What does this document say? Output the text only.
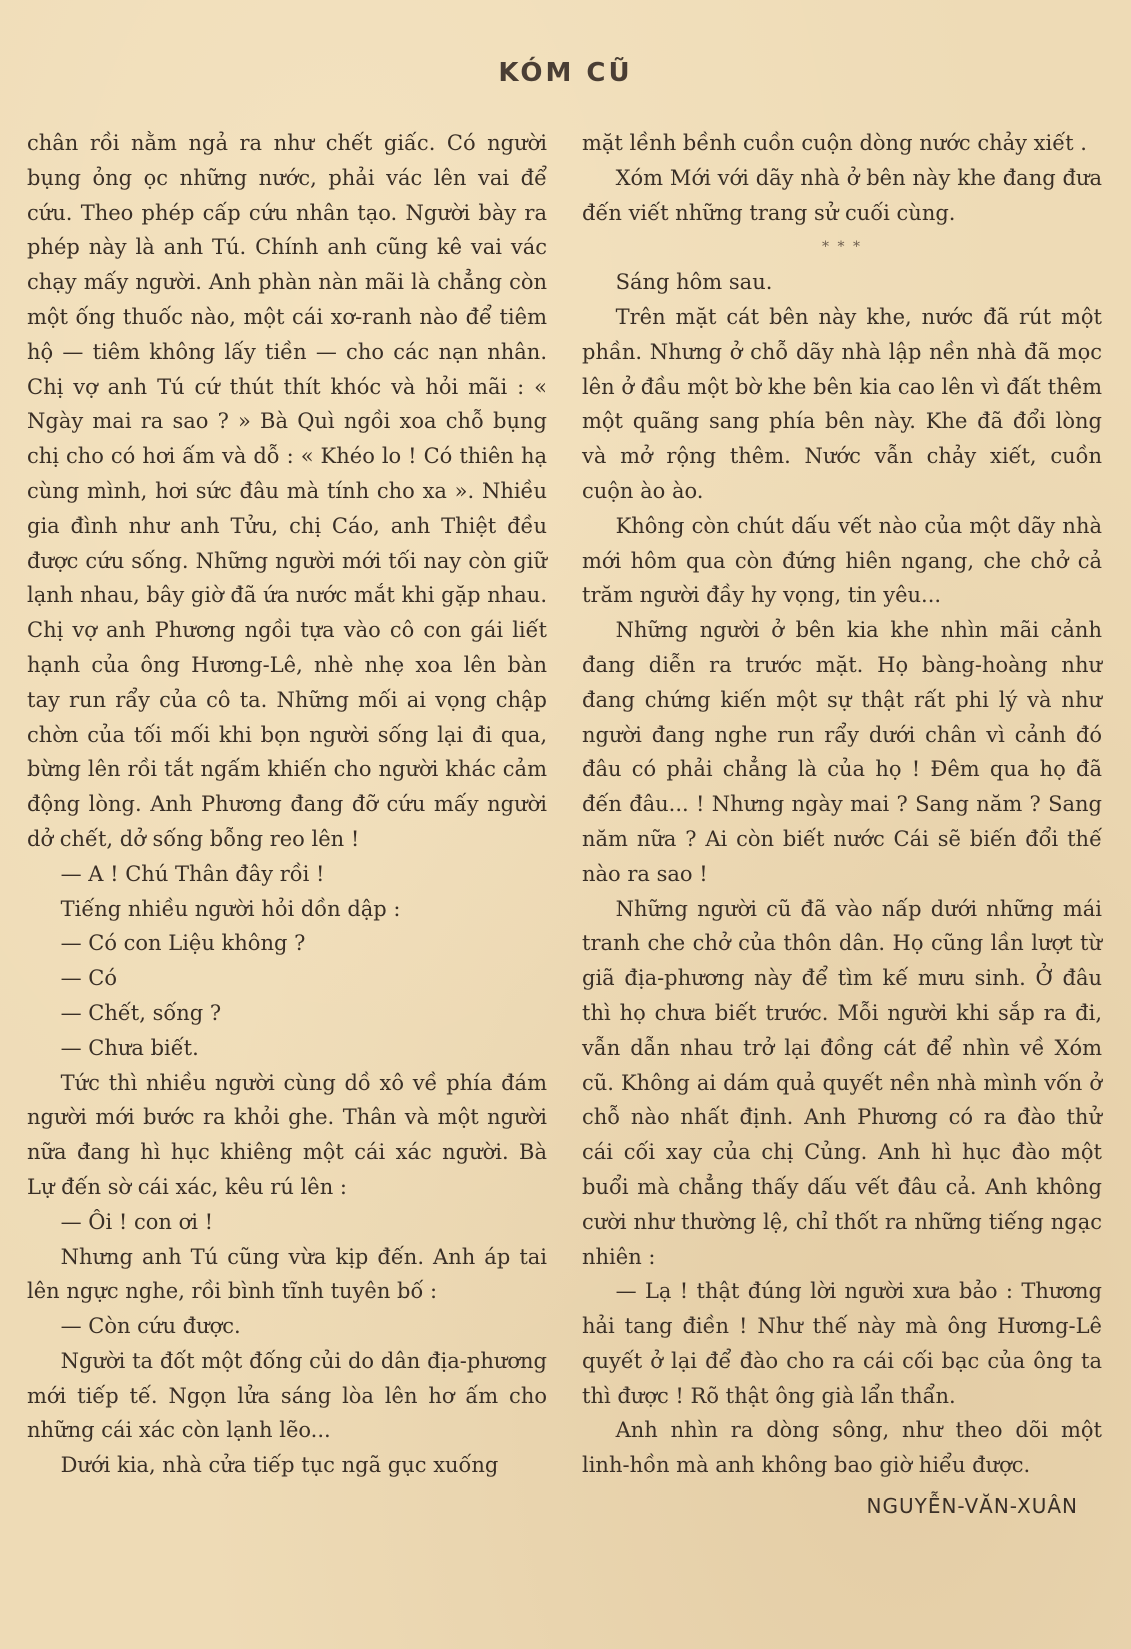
KÓM CŨ

chân rồi nằm ngả ra như chết giấc. Có người bụng ỏng ọc những nước, phải vác lên vai để cứu. Theo phép cấp cứu nhân tạo. Người bày ra phép này là anh Tú. Chính anh cũng kê vai vác chạy mấy người. Anh phàn nàn mãi là chẳng còn một ống thuốc nào, một cái xơ-ranh nào để tiêm hộ — tiêm không lấy tiền — cho các nạn nhân. Chị vợ anh Tú cứ thút thít khóc và hỏi mãi : « Ngày mai ra sao ? » Bà Quì ngồi xoa chỗ bụng chị cho có hơi ấm và dỗ : « Khéo lo ! Có thiên hạ cùng mình, hơi sức đâu mà tính cho xa ». Nhiều gia đình như anh Tửu, chị Cáo, anh Thiệt đều được cứu sống. Những người mới tối nay còn giữ lạnh nhau, bây giờ đã ứa nước mắt khi gặp nhau. Chị vợ anh Phương ngồi tựa vào cô con gái liết hạnh của ông Hương-Lê, nhè nhẹ xoa lên bàn tay run rẩy của cô ta. Những mối ai vọng chập chờn của tối mối khi bọn người sống lại đi qua, bừng lên rồi tắt ngấm khiến cho người khác cảm động lòng. Anh Phương đang đỡ cứu mấy người dở chết, dở sống bỗng reo lên !

— A ! Chú Thân đây rồi !

Tiếng nhiều người hỏi dồn dập :

— Có con Liệu không ?

— Có

— Chết, sống ?

— Chưa biết.

Tức thì nhiều người cùng dồ xô về phía đám người mới bước ra khỏi ghe. Thân và một người nữa đang hì hục khiêng một cái xác người. Bà Lự đến sờ cái xác, kêu rú lên :

— Ôi ! con ơi !

Nhưng anh Tú cũng vừa kịp đến. Anh áp tai lên ngực nghe, rồi bình tĩnh tuyên bố :

— Còn cứu được.

Người ta đốt một đống củi do dân địa-phương mới tiếp tế. Ngọn lửa sáng lòa lên hơ ấm cho những cái xác còn lạnh lẽo...

Dưới kia, nhà cửa tiếp tục ngã gục xuống

mặt lềnh bềnh cuồn cuộn dòng nước chảy xiết .

Xóm Mới với dãy nhà ở bên này khe đang đưa đến viết những trang sử cuối cùng.

* * *

Sáng hôm sau.

Trên mặt cát bên này khe, nước đã rút một phần. Nhưng ở chỗ dãy nhà lập nền nhà đã mọc lên ở đầu một bờ khe bên kia cao lên vì đất thêm một quãng sang phía bên này. Khe đã đổi lòng và mở rộng thêm. Nước vẫn chảy xiết, cuồn cuộn ào ào.

Không còn chút dấu vết nào của một dãy nhà mới hôm qua còn đứng hiên ngang, che chở cả trăm người đầy hy vọng, tin yêu...

Những người ở bên kia khe nhìn mãi cảnh đang diễn ra trước mặt. Họ bàng-hoàng như đang chứng kiến một sự thật rất phi lý và như người đang nghe run rẩy dưới chân vì cảnh đó đâu có phải chẳng là của họ ! Đêm qua họ đã đến đâu... ! Nhưng ngày mai ? Sang năm ? Sang năm nữa ? Ai còn biết nước Cái sẽ biến đổi thế nào ra sao !

Những người cũ đã vào nấp dưới những mái tranh che chở của thôn dân. Họ cũng lần lượt từ giã địa-phương này để tìm kế mưu sinh. Ở đâu thì họ chưa biết trước. Mỗi người khi sắp ra đi, vẫn dẫn nhau trở lại đồng cát để nhìn về Xóm cũ. Không ai dám quả quyết nền nhà mình vốn ở chỗ nào nhất định. Anh Phương có ra đào thử cái cối xay của chị Củng. Anh hì hục đào một buổi mà chẳng thấy dấu vết đâu cả. Anh không cười như thường lệ, chỉ thốt ra những tiếng ngạc nhiên :

— Lạ ! thật đúng lời người xưa bảo : Thương hải tang điền ! Như thế này mà ông Hương-Lê quyết ở lại để đào cho ra cái cối bạc của ông ta thì được ! Rõ thật ông già lẩn thẩn.

Anh nhìn ra dòng sông, như theo dõi một linh-hồn mà anh không bao giờ hiểu được.

NGUYỄN-VĂN-XUÂN
